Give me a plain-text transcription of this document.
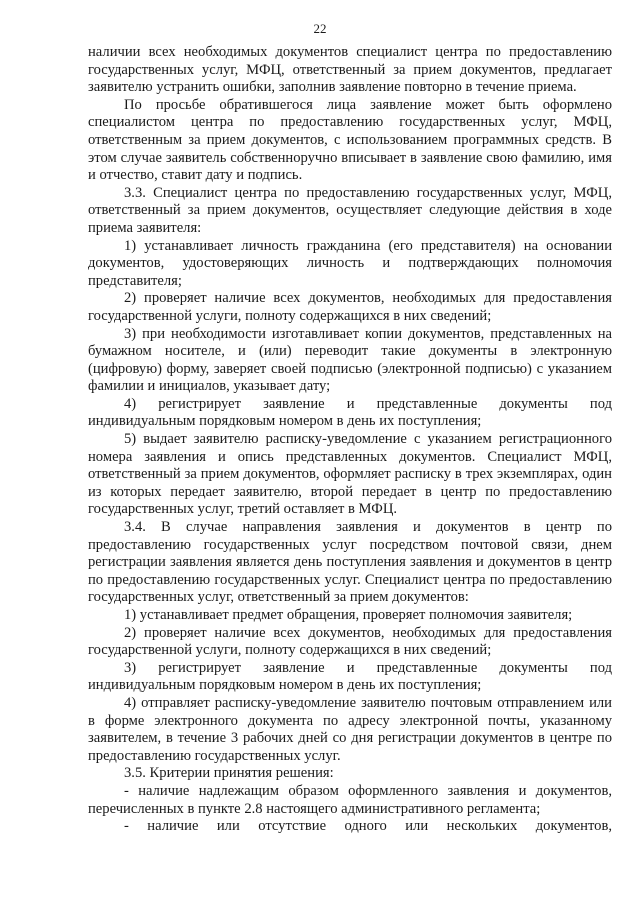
22

наличии всех необходимых документов специалист центра по предоставлению государственных услуг, МФЦ, ответственный за прием документов, предлагает заявителю устранить ошибки, заполнив заявление повторно в течение приема.

По просьбе обратившегося лица заявление может быть оформлено специалистом центра по предоставлению государственных услуг, МФЦ, ответственным за прием документов, с использованием программных средств. В этом случае заявитель собственноручно вписывает в заявление свою фамилию, имя и отчество, ставит дату и подпись.

3.3. Специалист центра по предоставлению государственных услуг, МФЦ, ответственный за прием документов, осуществляет следующие действия в ходе приема заявителя:

1) устанавливает личность гражданина (его представителя) на основании документов, удостоверяющих личность и подтверждающих полномочия представителя;

2) проверяет наличие всех документов, необходимых для предоставления государственной услуги, полноту содержащихся в них сведений;

3) при необходимости изготавливает копии документов, представленных на бумажном носителе, и (или) переводит такие документы в электронную (цифровую) форму, заверяет своей подписью (электронной подписью) с указанием фамилии и инициалов, указывает дату;

4) регистрирует заявление и представленные документы под индивидуальным порядковым номером в день их поступления;

5) выдает заявителю расписку-уведомление с указанием регистрационного номера заявления и опись представленных документов. Специалист МФЦ, ответственный за прием документов, оформляет расписку в трех экземплярах, один из которых передает заявителю, второй передает в центр по предоставлению государственных услуг, третий оставляет в МФЦ.

3.4. В случае направления заявления и документов в центр по предоставлению государственных услуг посредством почтовой связи, днем регистрации заявления является день поступления заявления и документов в центр по предоставлению государственных услуг. Специалист центра по предоставлению государственных услуг, ответственный за прием документов:

1) устанавливает предмет обращения, проверяет полномочия заявителя;

2) проверяет наличие всех документов, необходимых для предоставления государственной услуги, полноту содержащихся в них сведений;

3) регистрирует заявление и представленные документы под индивидуальным порядковым номером в день их поступления;

4) отправляет расписку-уведомление заявителю почтовым отправлением или в форме электронного документа по адресу электронной почты, указанному заявителем, в течение 3 рабочих дней со дня регистрации документов в центре по предоставлению государственных услуг.

3.5. Критерии принятия решения:

- наличие надлежащим образом оформленного заявления и документов, перечисленных в пункте 2.8 настоящего административного регламента;

- наличие или отсутствие одного или нескольких документов,
